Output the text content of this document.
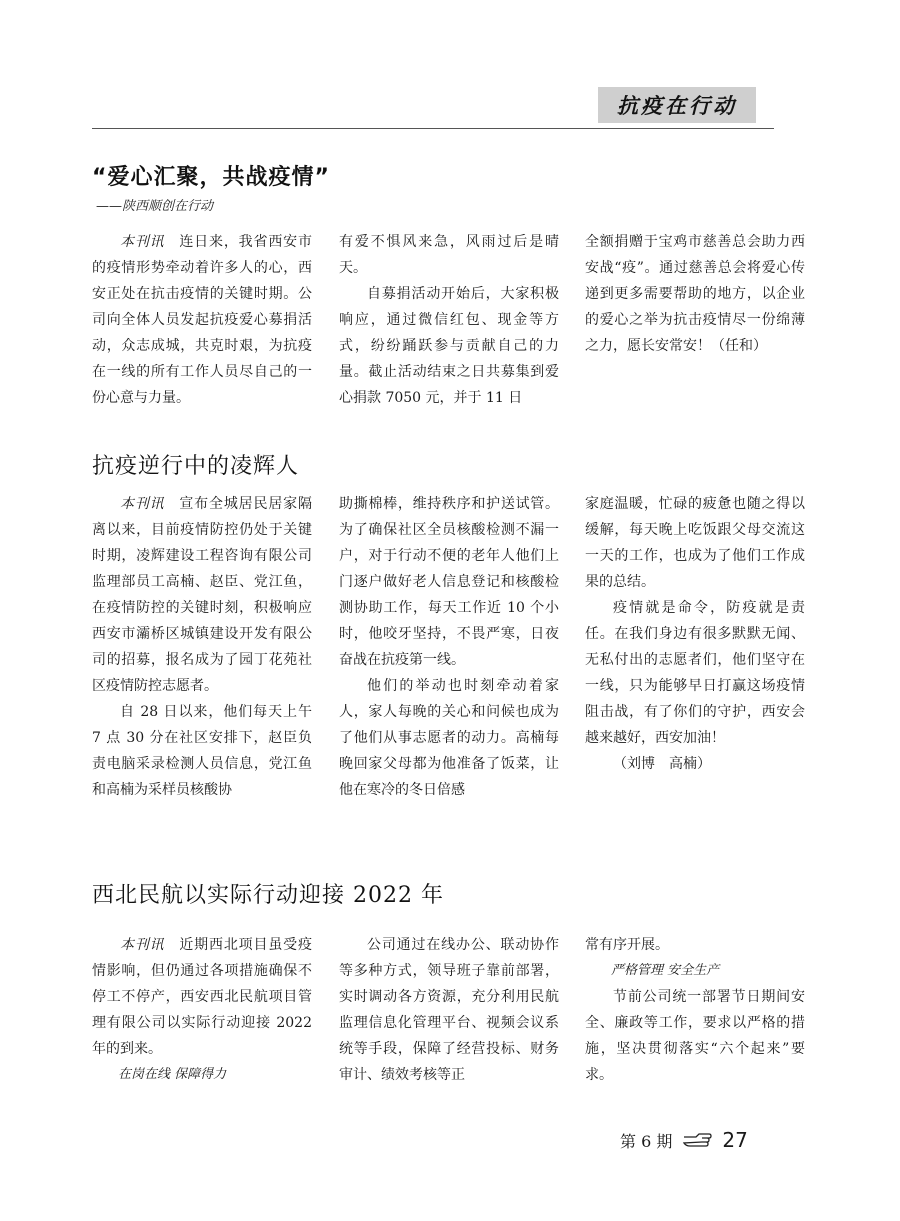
抗疫在行动
“爱心汇聚，共战疫情”
——陕西顺创在行动

本刊讯　连日来，我省西安市的疫情形势牵动着许多人的心，西安正处在抗击疫情的关键时期。公司向全体人员发起抗疫爱心募捐活动，众志成城，共克时艰，为抗疫在一线的所有工作人员尽自己的一份心意与力量。

有爱不惧风来急，风雨过后是晴天。

自募捐活动开始后，大家积极响应，通过微信红包、现金等方式，纷纷踊跃参与贡献自己的力量。截止活动结束之日共募集到爱心捐款 7050 元，并于 11 日

全额捐赠于宝鸡市慈善总会助力西安战“疫”。通过慈善总会将爱心传递到更多需要帮助的地方，以企业的爱心之举为抗击疫情尽一份绵薄之力，愿长安常安！（任和）

抗疫逆行中的凌辉人

本刊讯　宣布全城居民居家隔离以来，目前疫情防控仍处于关键时期，凌辉建设工程咨询有限公司监理部员工高楠、赵臣、党江鱼，在疫情防控的关键时刻，积极响应西安市灞桥区城镇建设开发有限公司的招募，报名成为了园丁花苑社区疫情防控志愿者。

自 28 日以来，他们每天上午 7 点 30 分在社区安排下，赵臣负责电脑采录检测人员信息，党江鱼和高楠为采样员核酸协

助撕棉棒，维持秩序和护送试管。为了确保社区全员核酸检测不漏一户，对于行动不便的老年人他们上门逐户做好老人信息登记和核酸检测协助工作，每天工作近 10 个小时，他咬牙坚持，不畏严寒，日夜奋战在抗疫第一线。

他们的举动也时刻牵动着家人，家人每晚的关心和问候也成为了他们从事志愿者的动力。高楠每晚回家父母都为他准备了饭菜，让他在寒冷的冬日倍感

家庭温暖，忙碌的疲惫也随之得以缓解，每天晚上吃饭跟父母交流这一天的工作，也成为了他们工作成果的总结。

疫情就是命令，防疫就是责任。在我们身边有很多默默无闻、无私付出的志愿者们，他们坚守在一线，只为能够早日打赢这场疫情阻击战，有了你们的守护，西安会越来越好，西安加油！

（刘博　高楠）

西北民航以实际行动迎接 2022 年

本刊讯　近期西北项目虽受疫情影响，但仍通过各项措施确保不停工不停产，西安西北民航项目管理有限公司以实际行动迎接 2022 年的到来。

在岗在线 保障得力

公司通过在线办公、联动协作等多种方式，领导班子靠前部署，实时调动各方资源，充分利用民航监理信息化管理平台、视频会议系统等手段，保障了经营投标、财务审计、绩效考核等正

常有序开展。

严格管理 安全生产

节前公司统一部署节日期间安全、廉政等工作，要求以严格的措施，坚决贯彻落实“六个起来”要求。

第 6 期	27
